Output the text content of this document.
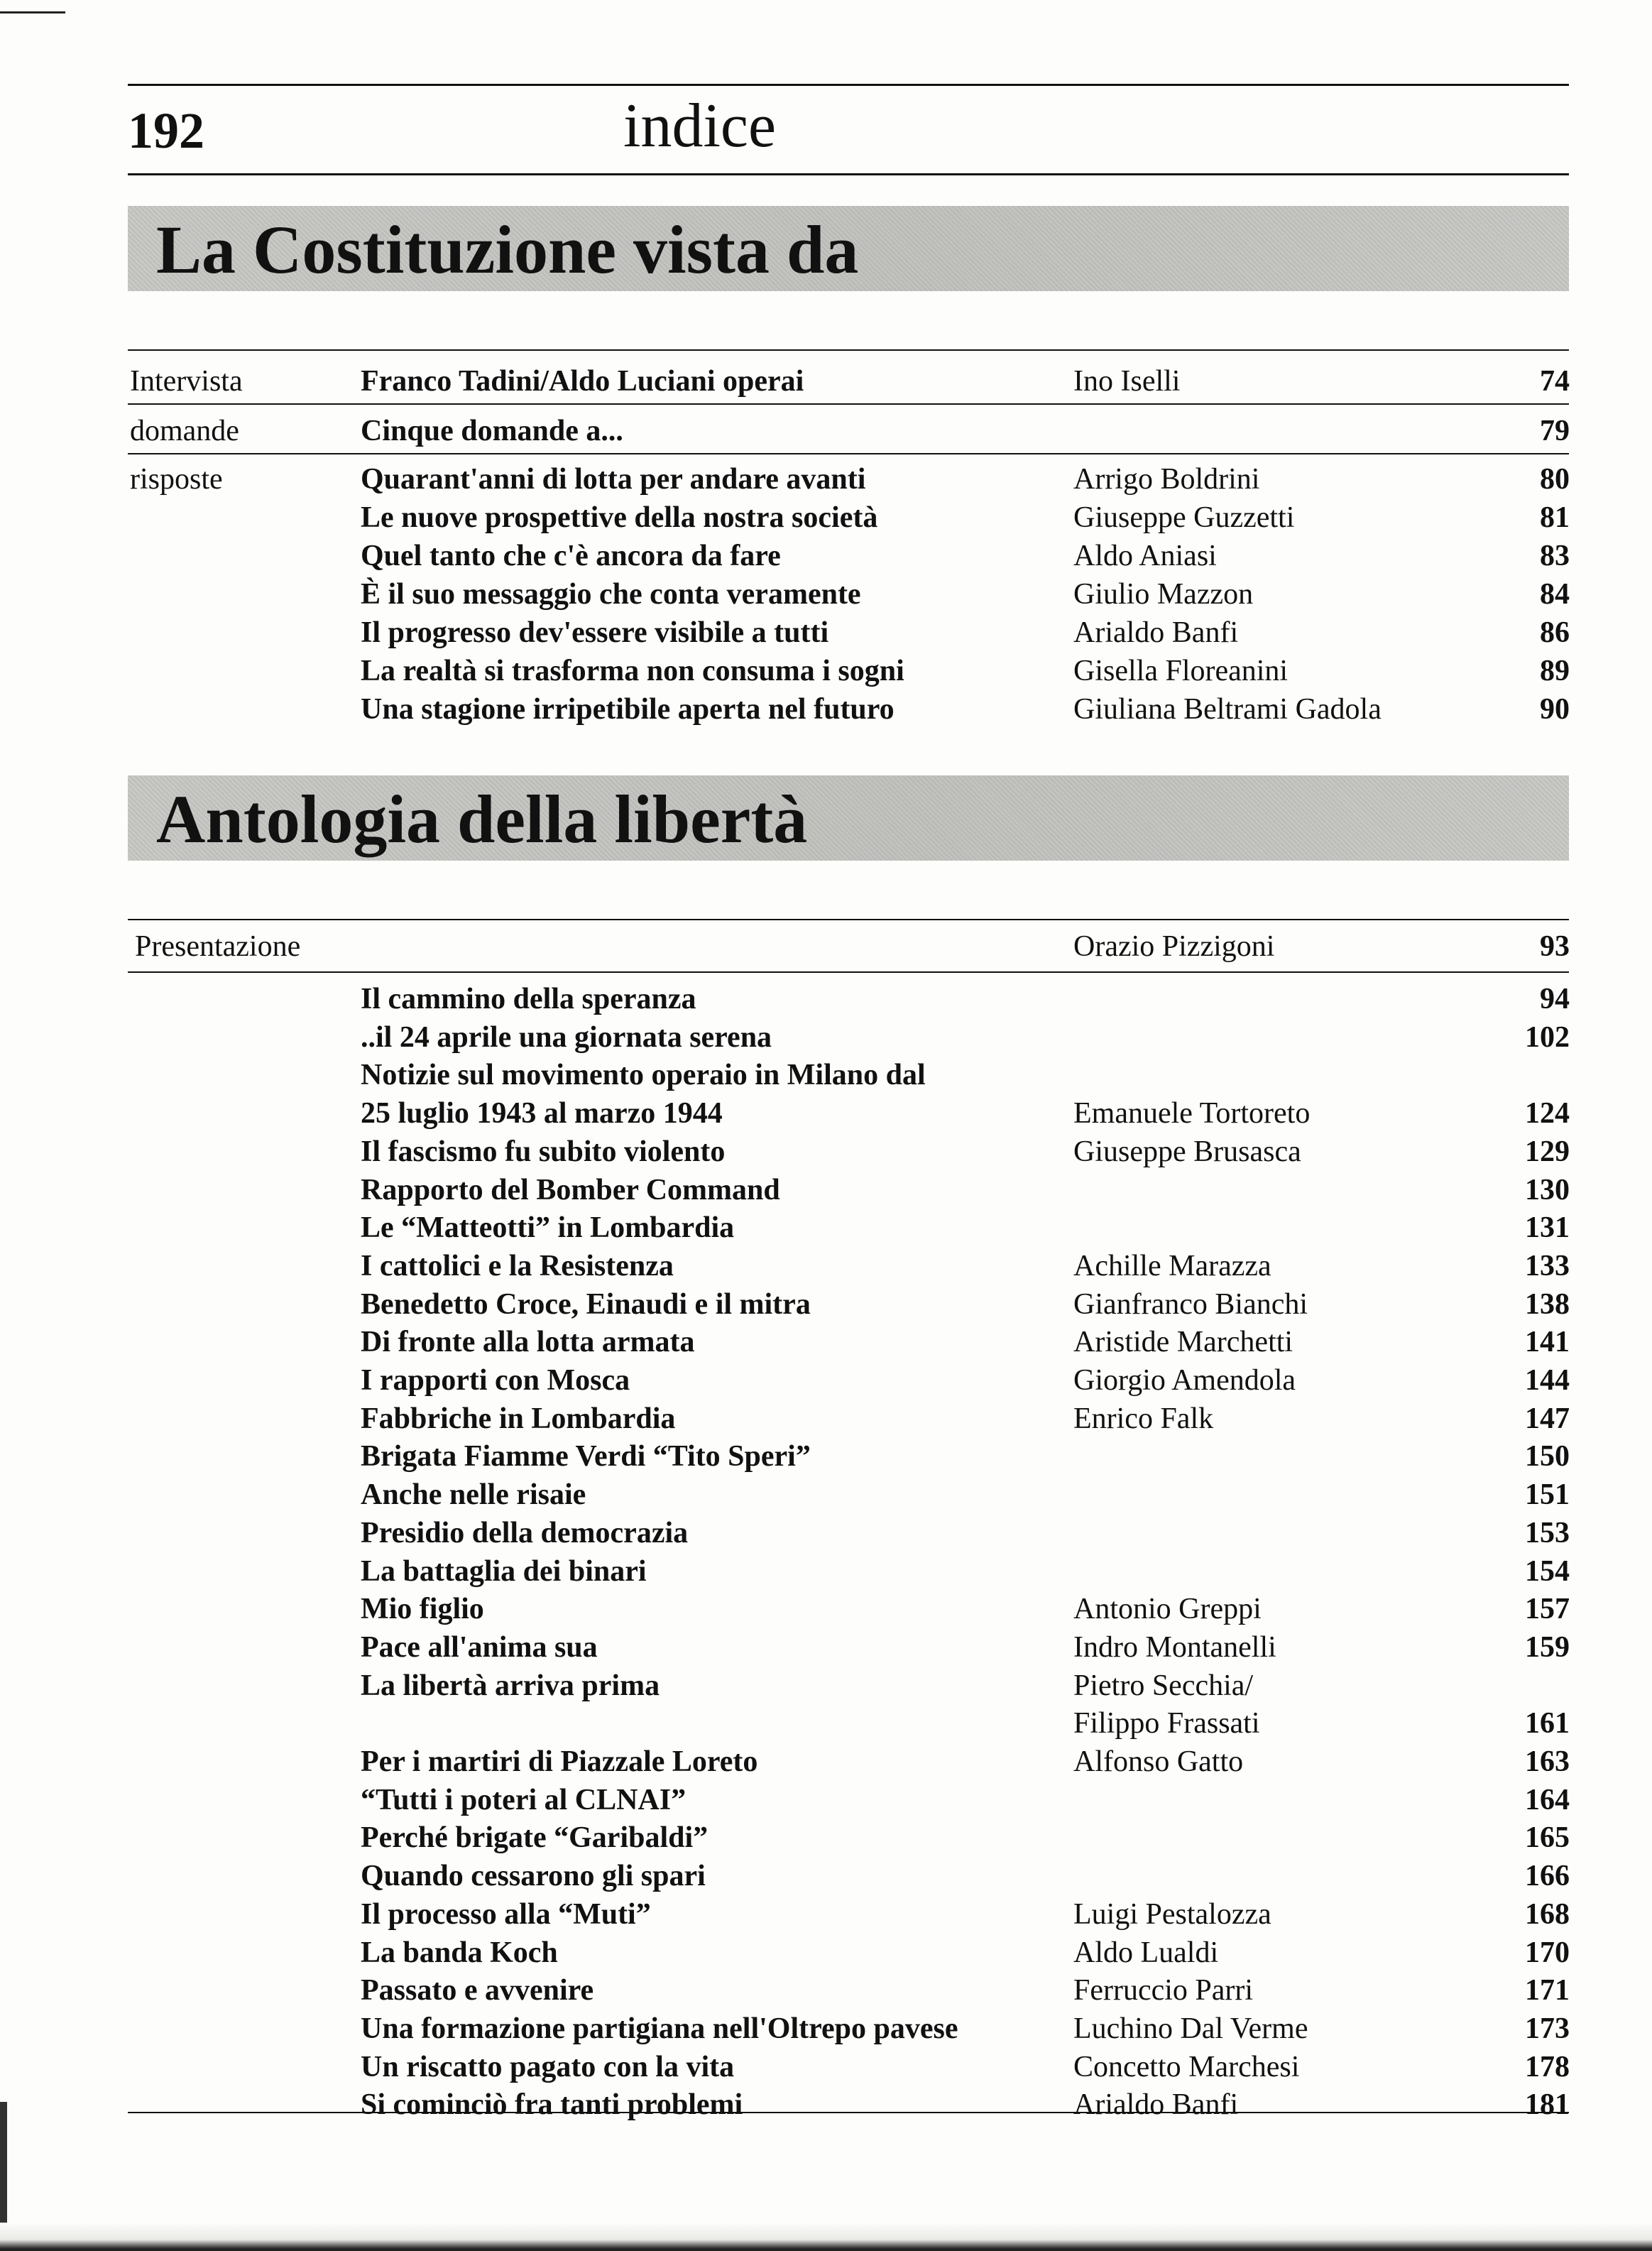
192	indice
La Costituzione vista da
Intervista	Franco Tadini/Aldo Luciani operai	Ino Iselli	74
domande	Cinque domande a...	79
risposte	Quarant'anni di lotta per andare avanti	Arrigo Boldrini	80
Le nuove prospettive della nostra società	Giuseppe Guzzetti	81
Quel tanto che c'è ancora da fare	Aldo Aniasi	83
È il suo messaggio che conta veramente	Giulio Mazzon	84
Il progresso dev'essere visibile a tutti	Arialdo Banfi	86
La realtà si trasforma non consuma i sogni	Gisella Floreanini	89
Una stagione irripetibile aperta nel futuro	Giuliana Beltrami Gadola	90
Antologia della libertà
Presentazione	Orazio Pizzigoni	93
Il cammino della speranza	94
..il 24 aprile una giornata serena	102
Notizie sul movimento operaio in Milano dal
25 luglio 1943 al marzo 1944	Emanuele Tortoreto	124
Il fascismo fu subito violento	Giuseppe Brusasca	129
Rapporto del Bomber Command	130
Le “Matteotti” in Lombardia	131
I cattolici e la Resistenza	Achille Marazza	133
Benedetto Croce, Einaudi e il mitra	Gianfranco Bianchi	138
Di fronte alla lotta armata	Aristide Marchetti	141
I rapporti con Mosca	Giorgio Amendola	144
Fabbriche in Lombardia	Enrico Falk	147
Brigata Fiamme Verdi “Tito Speri”	150
Anche nelle risaie	151
Presidio della democrazia	153
La battaglia dei binari	154
Mio figlio	Antonio Greppi	157
Pace all'anima sua	Indro Montanelli	159
La libertà arriva prima	Pietro Secchia/
Filippo Frassati	161
Per i martiri di Piazzale Loreto	Alfonso Gatto	163
“Tutti i poteri al CLNAI”	164
Perché brigate “Garibaldi”	165
Quando cessarono gli spari	166
Il processo alla “Muti”	Luigi Pestalozza	168
La banda Koch	Aldo Lualdi	170
Passato e avvenire	Ferruccio Parri	171
Una formazione partigiana nell'Oltrepo pavese	Luchino Dal Verme	173
Un riscatto pagato con la vita	Concetto Marchesi	178
Si cominciò fra tanti problemi	Arialdo Banfi	181
